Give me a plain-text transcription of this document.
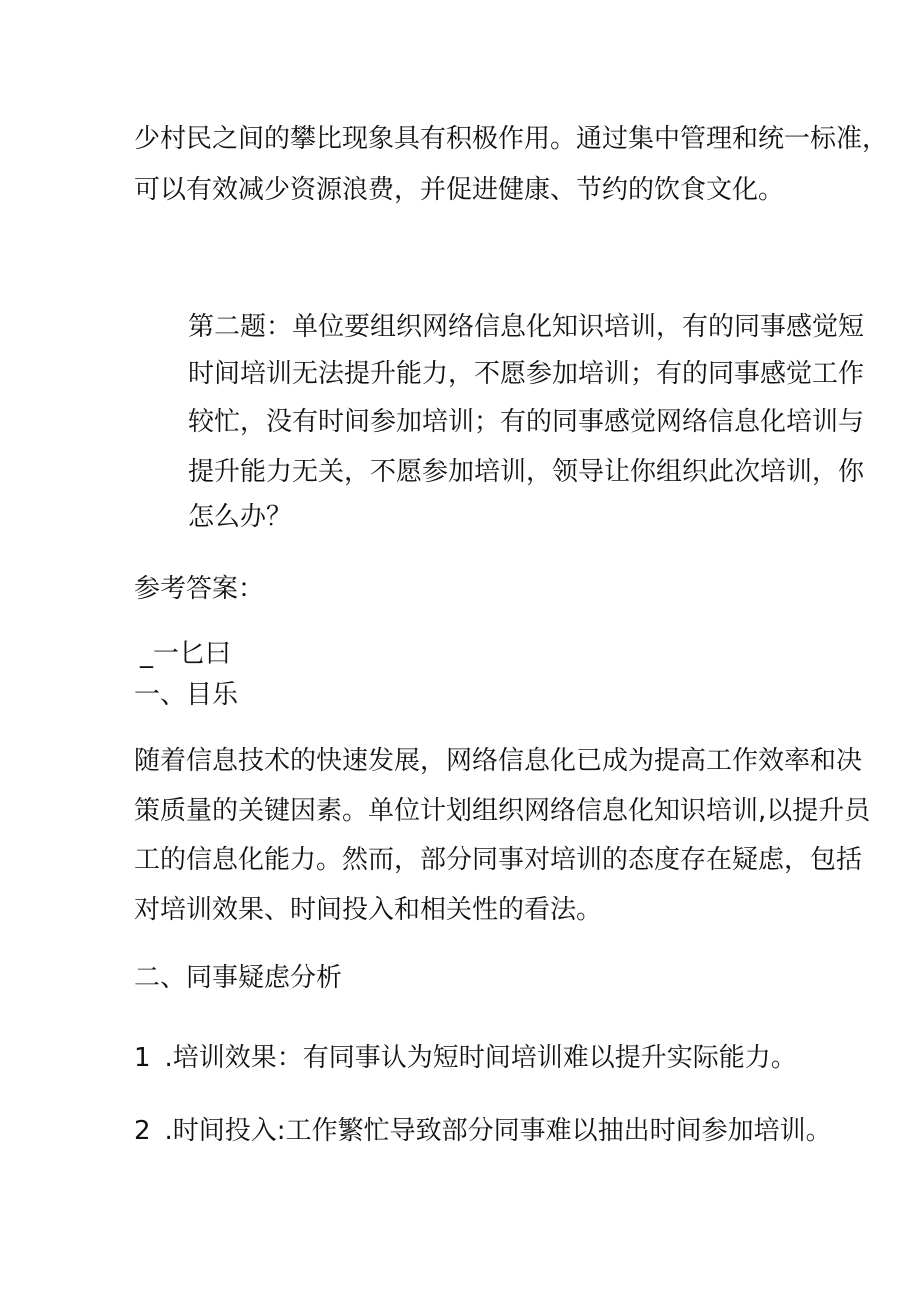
少村民之间的攀比现象具有积极作用。通过集中管理和统一标准，
可以有效减少资源浪费，并促进健康、节约的饮食文化。
第二题：单位要组织网络信息化知识培训，有的同事感觉短
时间培训无法提升能力，不愿参加培训；有的同事感觉工作
较忙，没有时间参加培训；有的同事感觉网络信息化培训与
提升能力无关，不愿参加培训，领导让你组织此次培训，你
怎么办？
参考答案：
_一匕曰
一、目乐
随着信息技术的快速发展，网络信息化已成为提高工作效率和决
策质量的关键因素。单位计划组织网络信息化知识培训,以提升员
工的信息化能力。然而，部分同事对培训的态度存在疑虑，包括
对培训效果、时间投入和相关性的看法。
二、同事疑虑分析
1 .培训效果：有同事认为短时间培训难以提升实际能力。
2 .时间投入:工作繁忙导致部分同事难以抽出时间参加培训。
